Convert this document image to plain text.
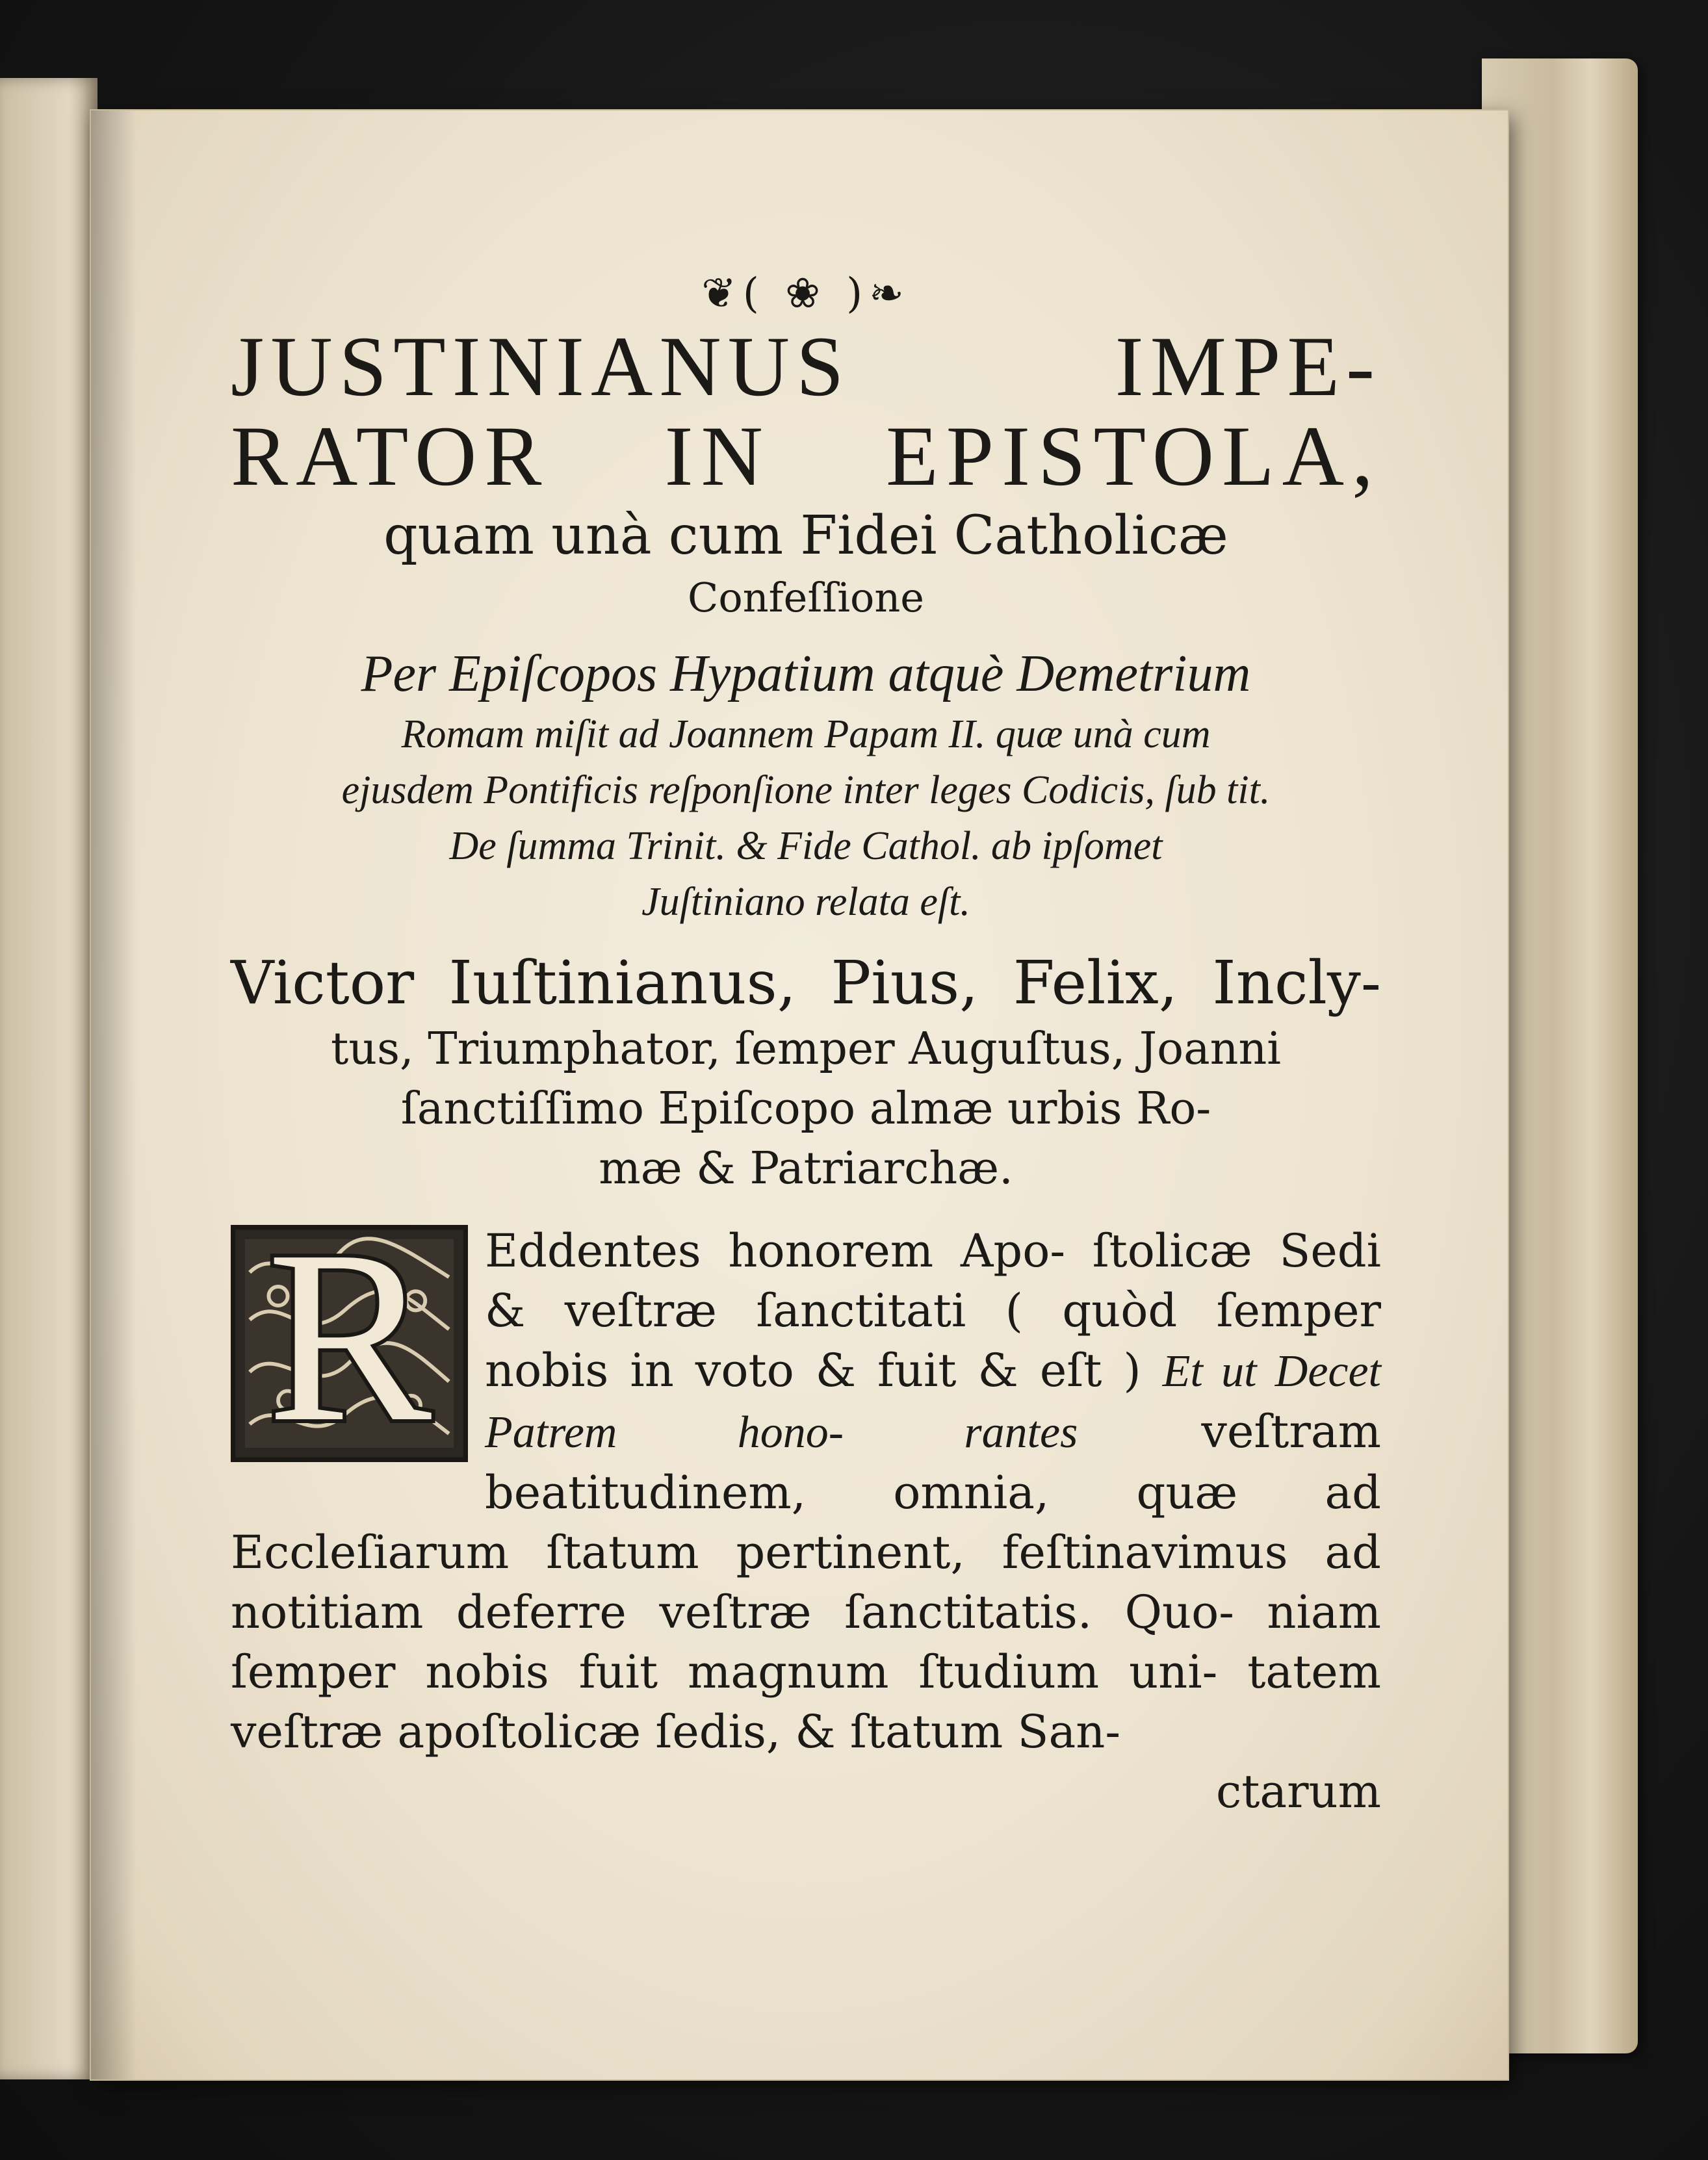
❦( ❀ )❧

JUSTINIANUS IMPE-

RATOR IN EPISTOLA,

quam unà cum Fidei Catholicæ

Confeſſione

Per Epiſcopos Hypatium atquè Demetrium

Romam miſit ad Joannem Papam II. quæ unà cum

ejusdem Pontificis reſponſione inter leges Codicis, ſub tit.

De ſumma Trinit. & Fide Cathol. ab ipſomet

Juſtiniano relata eſt.

Victor Iuſtinianus, Pius, Felix, Incly-

tus, Triumphator, ſemper Auguſtus, Joanni

ſanctiſſimo Epiſcopo almæ urbis Ro-

mæ & Patriarchæ.

R	Eddentes honorem Apo- ſtolicæ Sedi & veſtræ ſanctitati ( quòd ſemper nobis in voto & fuit & eſt ) Et ut Decet Patrem hono- rantes	veſtram beatitudinem, omnia, quæ ad Eccleſiarum ſtatum pertinent, feſtinavimus ad notitiam deferre veſtræ ſanctitatis. Quo- niam ſemper nobis fuit magnum ſtudium uni- tatem veſtræ apoſtolicæ ſedis, & ſtatum San-

ctarum
